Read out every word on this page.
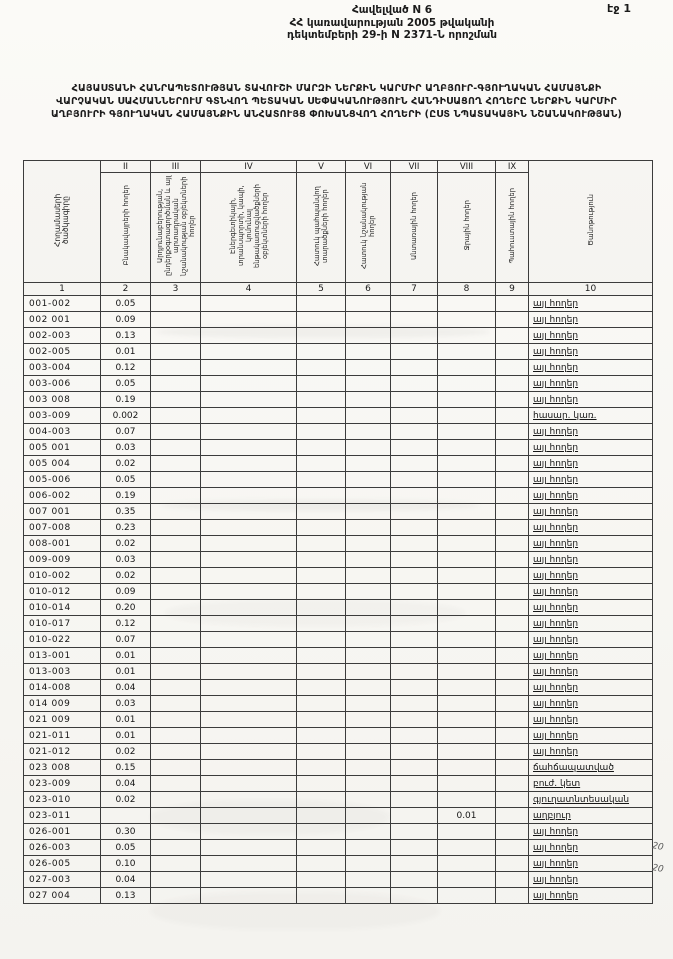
էջ 1
Հավելված N 6
ՀՀ կառավարության 2005 թվականի
դեկտեմբերի 29-ի N 2371-Ն որոշման
ՀԱՅԱՍՏԱՆԻ ՀԱՆՐԱՊԵՏՈՒԹՅԱՆ ՏԱՎՈՒՇԻ ՄԱՐԶԻ ՆԵՐՔԻՆ ԿԱՐՄԻՐ ԱՂԲՅՈՒՐ-ԳՅՈՒՂԱԿԱՆ ՀԱՄԱՅՆՔԻ ՎԱՐՉԱԿԱՆ ՍԱՀՄԱՆՆԵՐՈՒՄ ԳՏՆՎՈՂ ՊԵՏԱԿԱՆ ՍԵՓԱԿԱՆՈՒԹՅՈՒՆ ՀԱՆԴԻՍԱՑՈՂ ՀՈՂԵՐԸ ՆԵՐՔԻՆ ԿԱՐՄԻՐ ԱՂԲՅՈՒՐԻ ԳՅՈՒՂԱԿԱՆ ՀԱՄԱՅՆՔԻՆ ԱՆՀԱՏՈՒՅՑ ՓՈԽԱՆՑՎՈՂ ՀՈՂԵՐԻ (ԸՍՏ ՆՊԱՏԱԿԱՅԻՆ ՆՇԱՆԱԿՈՒԹՅԱՆ)
Հողամասերի ծածկագիրը	II	III	IV	V	VI	VII	VIII	IX	Ծանոթություն
	Բնակավայրերի հողեր	Արդյունաբերության, ընդերքօգտագործման և այլ արտադրական նշանակության օբյեկտների հողեր	Էներգետիկայի, տրանսպորտի, կապի, կոմունալ ենթակառուցվածքների օբյեկտների հողեր	Հատուկ պահպանվող տարածքների հողեր	Հատուկ նշանակության հողեր	Անտառային հողեր	Ջրային հողեր	Պահուստային հողեր	
1	2	3	4	5	6	7	8	9	10
001-002	0.05								այլ հողեր
002 001	0.09								այլ հողեր
002-003	0.13								այլ հողեր
002-005	0.01								այլ հողեր
003-004	0.12								այլ հողեր
003-006	0.05								այլ հողեր
003 008	0.19								այլ հողեր
003-009	0.002								հասար. կառ.
004-003	0.07								այլ հողեր
005 001	0.03								այլ հողեր
005 004	0.02								այլ հողեր
005-006	0.05								այլ հողեր
006-002	0.19								այլ հողեր
007 001	0.35								այլ հողեր
007-008	0.23								այլ հողեր
008-001	0.02								այլ հողեր
009-009	0.03								այլ հողեր
010-002	0.02								այլ հողեր
010-012	0.09								այլ հողեր
010-014	0.20								այլ հողեր
010-017	0.12								այլ հողեր
010-022	0.07								այլ հողեր
013-001	0.01								այլ հողեր
013-003	0.01								այլ հողեր
014-008	0.04								այլ հողեր
014 009	0.03								այլ հողեր
021 009	0.01								այլ հողեր
021-011	0.01								այլ հողեր
021-012	0.02								այլ հողեր
023 008	0.15								ճահճապատված
023-009	0.04								բուժ. կետ
023-010	0.02								գյուղատնտեսական
023-011							0.01		աղբյուր
026-001	0.30								այլ հողեր
026-003	0.05								այլ հողեր
026-005	0.10								այլ հողեր
027-003	0.04								այլ հողեր
027 004	0.13								այլ հողեր
20
20
